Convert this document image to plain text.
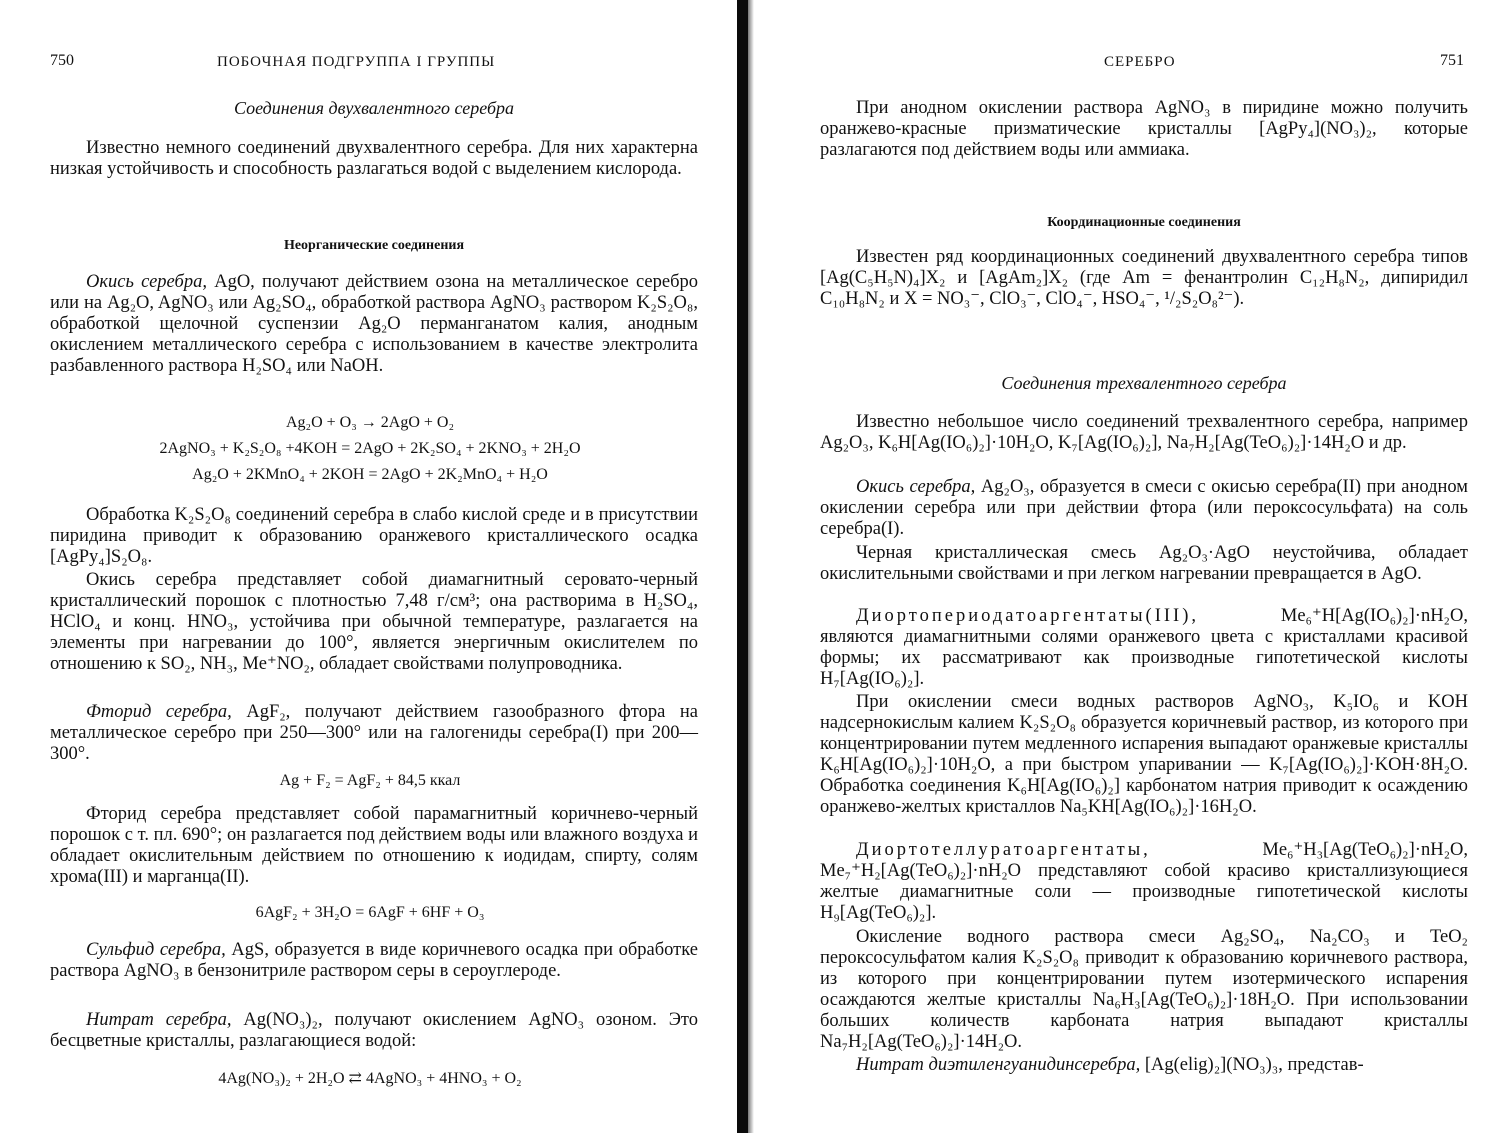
750	ПОБОЧНАЯ ПОДГРУППА I ГРУППЫ
Соединения двухвалентного серебра

Известно немного соединений двухвалентного серебра. Для них характерна низкая устойчивость и способность разлагаться водой с выделением кислорода.

Неорганические соединения

Окись серебра, AgO, получают действием озона на металлическое серебро или на Ag₂O, AgNO₃ или Ag₂SO₄, обработкой раствора AgNO₃ раствором K₂S₂O₈, обработкой щелочной суспензии Ag₂O перманганатом калия, анодным окислением металлического серебра с использованием в качестве электролита разбавленного раствора H₂SO₄ или NaOH.

Ag₂O + O₃ → 2AgO + O₂
2AgNO₃ + K₂S₂O₈ +4KOH = 2AgO + 2K₂SO₄ + 2KNO₃ + 2H₂O
Ag₂O + 2KMnO₄ + 2KOH = 2AgO + 2K₂MnO₄ + H₂O

Обработка K₂S₂O₈ соединений серебра в слабо кислой среде и в присутствии пиридина приводит к образованию оранжевого кристаллического осадка [AgPy₄]S₂O₈.

Окись серебра представляет собой диамагнитный серовато-черный кристаллический порошок с плотностью 7,48 г/см³; она растворима в H₂SO₄, HClO₄ и конц. HNO₃, устойчива при обычной температуре, разлагается на элементы при нагревании до 100°, является энергичным окислителем по отношению к SO₂, NH₃, Me⁺NO₂, обладает свойствами полупроводника.

Фторид серебра, AgF₂, получают действием газообразного фтора на металлическое серебро при 250—300° или на галогениды серебра(I) при 200—300°.

Ag + F₂ = AgF₂ + 84,5 ккал

Фторид серебра представляет собой парамагнитный коричнево-черный порошок с т. пл. 690°; он разлагается под действием воды или влажного воздуха и обладает окислительным действием по отношению к иодидам, спирту, солям хрома(III) и марганца(II).

6AgF₂ + 3H₂O = 6AgF + 6HF + O₃

Сульфид серебра, AgS, образуется в виде коричневого осадка при обработке раствора AgNO₃ в бензонитриле раствором серы в сероуглероде.

Нитрат серебра, Ag(NO₃)₂, получают окислением AgNO₃ озоном. Это бесцветные кристаллы, разлагающиеся водой:

4Ag(NO₃)₂ + 2H₂O ⇄ 4AgNO₃ + 4HNO₃ + O₂
СЕРЕБРО	751

При анодном окислении раствора AgNO₃ в пиридине можно получить оранжево-красные призматические кристаллы [AgPy₄](NO₃)₂, которые разлагаются под действием воды или аммиака.

Координационные соединения

Известен ряд координационных соединений двухвалентного серебра типов [Ag(C₅H₅N)₄]X₂ и [AgAm₂]X₂ (где Am = фенантролин C₁₂H₈N₂, дипиридил C₁₀H₈N₂ и X = NO₃⁻, ClO₃⁻, ClO₄⁻, HSO₄⁻, ¹/₂S₂O₈²⁻).

Соединения трехвалентного серебра

Известно небольшое число соединений трехвалентного серебра, например Ag₂O₃, K₆H[Ag(IO₆)₂]·10H₂O, K₇[Ag(IO₆)₂], Na₇H₂[Ag(TeO₆)₂]·14H₂O и др.

Окись серебра, Ag₂O₃, образуется в смеси с окисью серебра(II) при анодном окислении серебра или при действии фтора (или пероксосульфата) на соль серебра(I).

Черная кристаллическая смесь Ag₂O₃·AgO неустойчива, обладает окислительными свойствами и при легком нагревании превращается в AgO.

Диортопериодатоаргентаты(III), Me₆⁺H[Ag(IO₆)₂]·nH₂O, являются диамагнитными солями оранжевого цвета с кристаллами красивой формы; их рассматривают как производные гипотетической кислоты H₇[Ag(IO₆)₂].

При окислении смеси водных растворов AgNO₃, K₅IO₆ и KOH надсернокислым калием K₂S₂O₈ образуется коричневый раствор, из которого при концентрировании путем медленного испарения выпадают оранжевые кристаллы K₆H[Ag(IO₆)₂]·10H₂O, а при быстром упаривании — K₇[Ag(IO₆)₂]·KOH·8H₂O. Обработка соединения K₆H[Ag(IO₆)₂] карбонатом натрия приводит к осаждению оранжево-желтых кристаллов Na₅KH[Ag(IO₆)₂]·16H₂O.

Диортотеллуратоаргентаты, Me₆⁺H₃[Ag(TeO₆)₂]·nH₂O, Me₇⁺H₂[Ag(TeO₆)₂]·nH₂O представляют собой красиво кристаллизующиеся желтые диамагнитные соли — производные гипотетической кислоты H₉[Ag(TeO₆)₂].

Окисление водного раствора смеси Ag₂SO₄, Na₂CO₃ и TeO₂ пероксосульфатом калия K₂S₂O₈ приводит к образованию коричневого раствора, из которого при концентрировании путем изотермического испарения осаждаются желтые кристаллы Na₆H₃[Ag(TeO₆)₂]·18H₂O. При использовании больших количеств карбоната натрия выпадают кристаллы Na₇H₂[Ag(TeO₆)₂]·14H₂O.

Нитрат диэтиленгуанидинсеребра, [Ag(elig)₂](NO₃)₃, представ-
